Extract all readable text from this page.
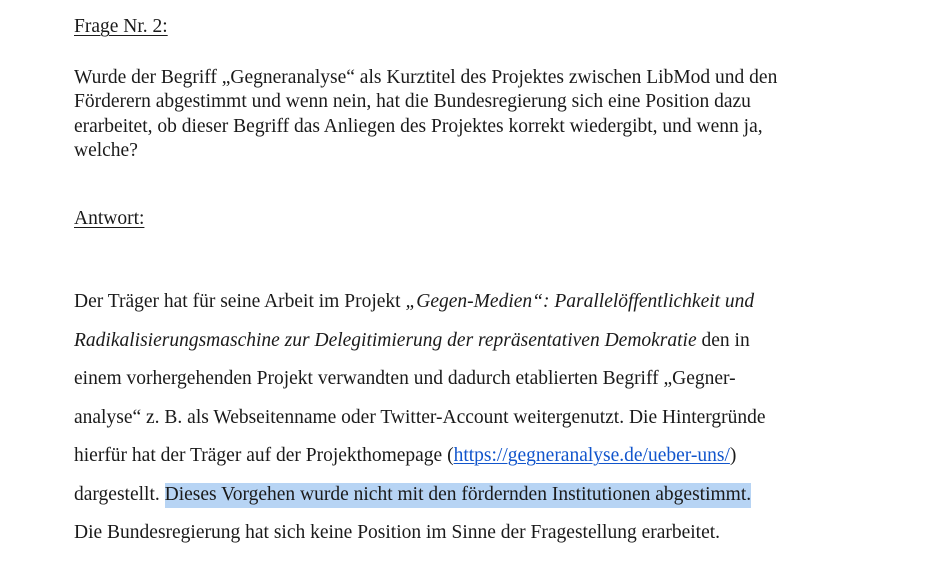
Frage Nr. 2:
Wurde der Begriff „Gegneranalyse“ als Kurztitel des Projektes zwischen LibMod und den
Förderern abgestimmt und wenn nein, hat die Bundesregierung sich eine Position dazu
erarbeitet, ob dieser Begriff das Anliegen des Projektes korrekt wiedergibt, und wenn ja,
welche?
Antwort:
Der Träger hat für seine Arbeit im Projekt „Gegen-Medien“: Parallelöffentlichkeit und
Radikalisierungsmaschine zur Delegitimierung der repräsentativen Demokratie den in
einem vorhergehenden Projekt verwandten und dadurch etablierten Begriff „Gegner-
analyse“ z. B. als Webseitenname oder Twitter-Account weitergenutzt. Die Hintergründe
hierfür hat der Träger auf der Projekthomepage (https://gegneranalyse.de/ueber-uns/)
dargestellt. Dieses Vorgehen wurde nicht mit den fördernden Institutionen abgestimmt.
Die Bundesregierung hat sich keine Position im Sinne der Fragestellung erarbeitet.
